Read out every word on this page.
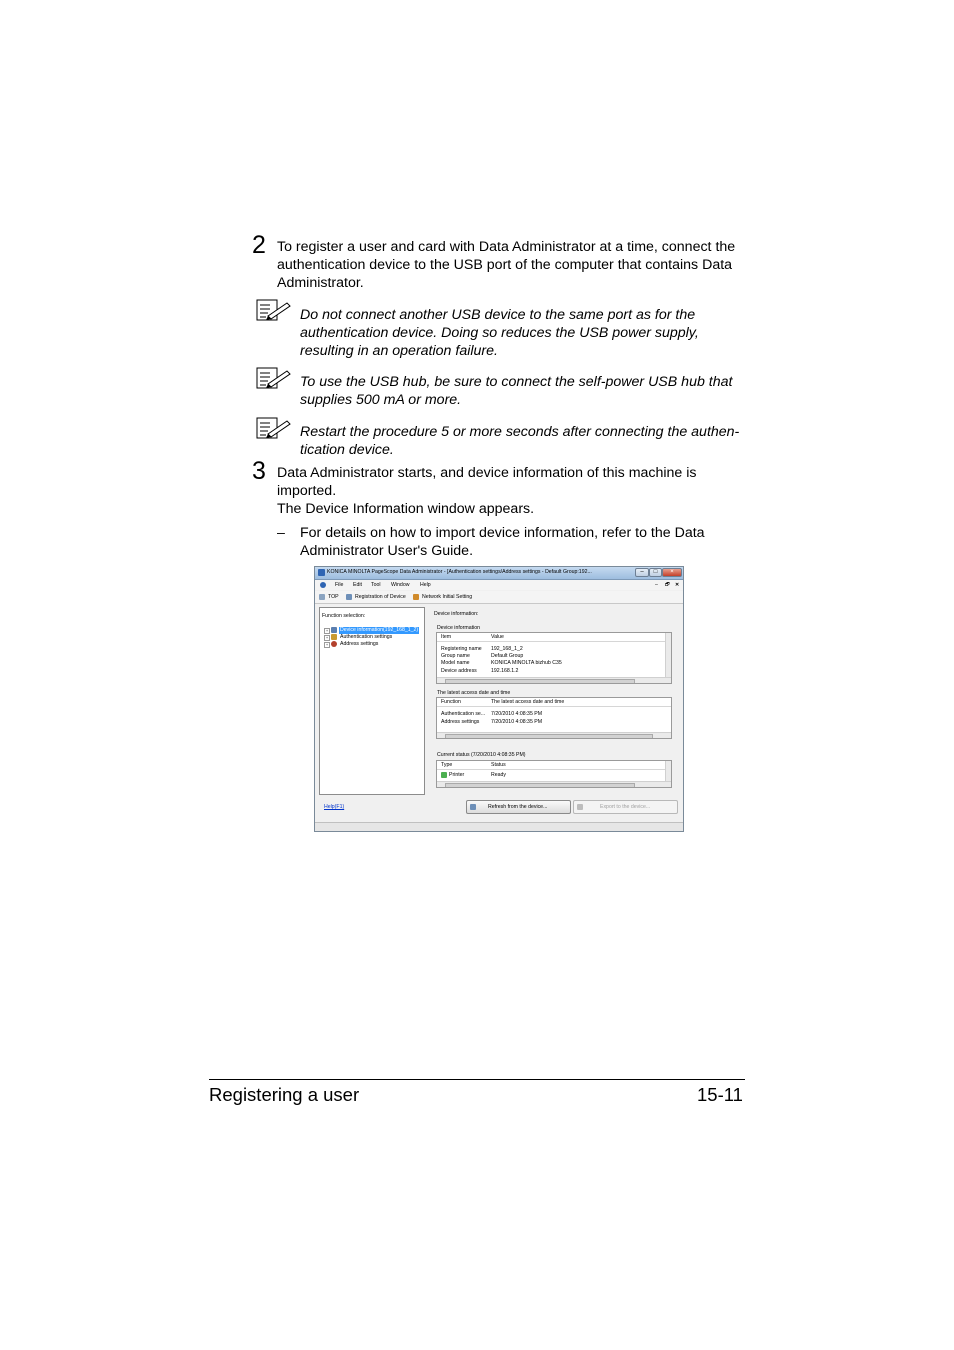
2 To register a user and card with Data Administrator at a time, connect the
authentication device to the USB port of the computer that contains Data
Administrator.
Do not connect another USB device to the same port as for the
authentication device. Doing so reduces the USB power supply,
resulting in an operation failure.
To use the USB hub, be sure to connect the self-power USB hub that
supplies 500 mA or more.
Restart the procedure 5 or more seconds after connecting the authen-
tication device.
3 Data Administrator starts, and device information of this machine is
imported.
The Device Information window appears.
– For details on how to import device information, refer to the Data
Administrator User's Guide.
KONICA MINOLTA PageScope Data Administrator - [Authentication settings/Address settings - Default Group:192...	–	□	×
File Edit Tool Window Help	– 🗗 ✕
TOP	Registration of Device	Network Initial Setting
Function selection:
+	Device information(192_168_1_2)
+	Authentication settings
+	Address settings
Device information:
Device information
Item	Value
Registering name	192_168_1_2
Group name	Default Group
Model name	KONICA MINOLTA bizhub C35
Device address	192.168.1.2
The latest access date and time
Function	The latest access date and time
Authentication se...	7/20/2010 4:08:35 PM
Address settings	7/20/2010 4:08:35 PM
Current status (7/20/2010 4:08:35 PM)
Type	Status
Printer	Ready
Help(F1)	Refresh from the device...	Export to the device...
Registering a user	15-11
